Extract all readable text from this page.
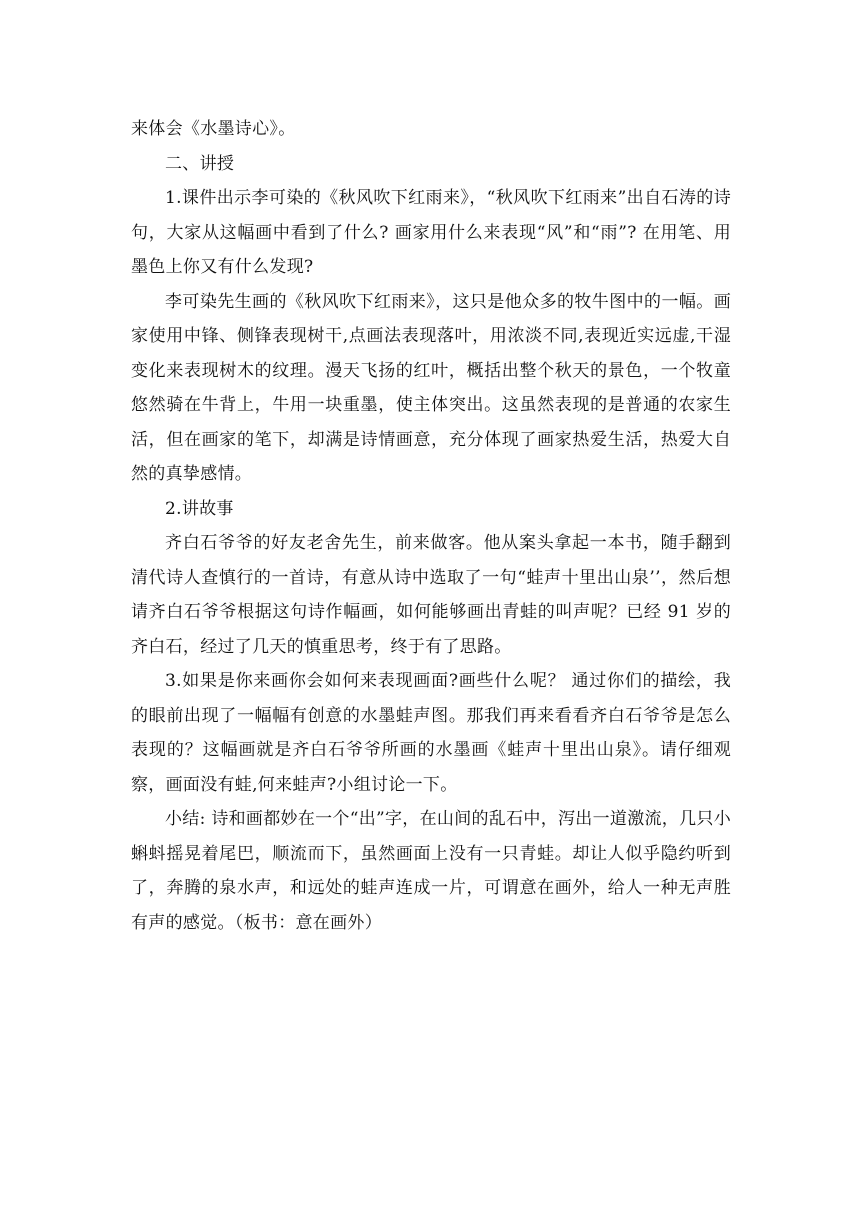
来体会《水墨诗心》。

二、讲授

1.课件出示李可染的《秋风吹下红雨来》，“秋风吹下红雨来”出自石涛的诗句，大家从这幅画中看到了什么? 画家用什么来表现“风”和“雨”? 在用笔、用墨色上你又有什么发现?

李可染先生画的《秋风吹下红雨来》，这只是他众多的牧牛图中的一幅。画家使用中锋、侧锋表现树干,点画法表现落叶，用浓淡不同,表现近实远虚,干湿变化来表现树木的纹理。漫天飞扬的红叶，概括出整个秋天的景色，一个牧童悠然骑在牛背上，牛用一块重墨，使主体突出。这虽然表现的是普通的农家生活，但在画家的笔下，却满是诗情画意，充分体现了画家热爱生活，热爱大自然的真挚感情。

2.讲故事

齐白石爷爷的好友老舍先生，前来做客。他从案头拿起一本书，随手翻到清代诗人查慎行的一首诗，有意从诗中选取了一句“蛙声十里出山泉’’，然后想请齐白石爷爷根据这句诗作幅画，如何能够画出青蛙的叫声呢？已经 91 岁的齐白石，经过了几天的慎重思考，终于有了思路。

3.如果是你来画你会如何来表现画面?画些什么呢？ 通过你们的描绘，我的眼前出现了一幅幅有创意的水墨蛙声图。那我们再来看看齐白石爷爷是怎么表现的？这幅画就是齐白石爷爷所画的水墨画《蛙声十里出山泉》。请仔细观察，画面没有蛙,何来蛙声?小组讨论一下。

小结: 诗和画都妙在一个“出”字，在山间的乱石中，泻出一道激流，几只小蝌蚪摇晃着尾巴，顺流而下，虽然画面上没有一只青蛙。却让人似乎隐约听到了，奔腾的泉水声，和远处的蛙声连成一片，可谓意在画外，给人一种无声胜有声的感觉。（板书：意在画外）
